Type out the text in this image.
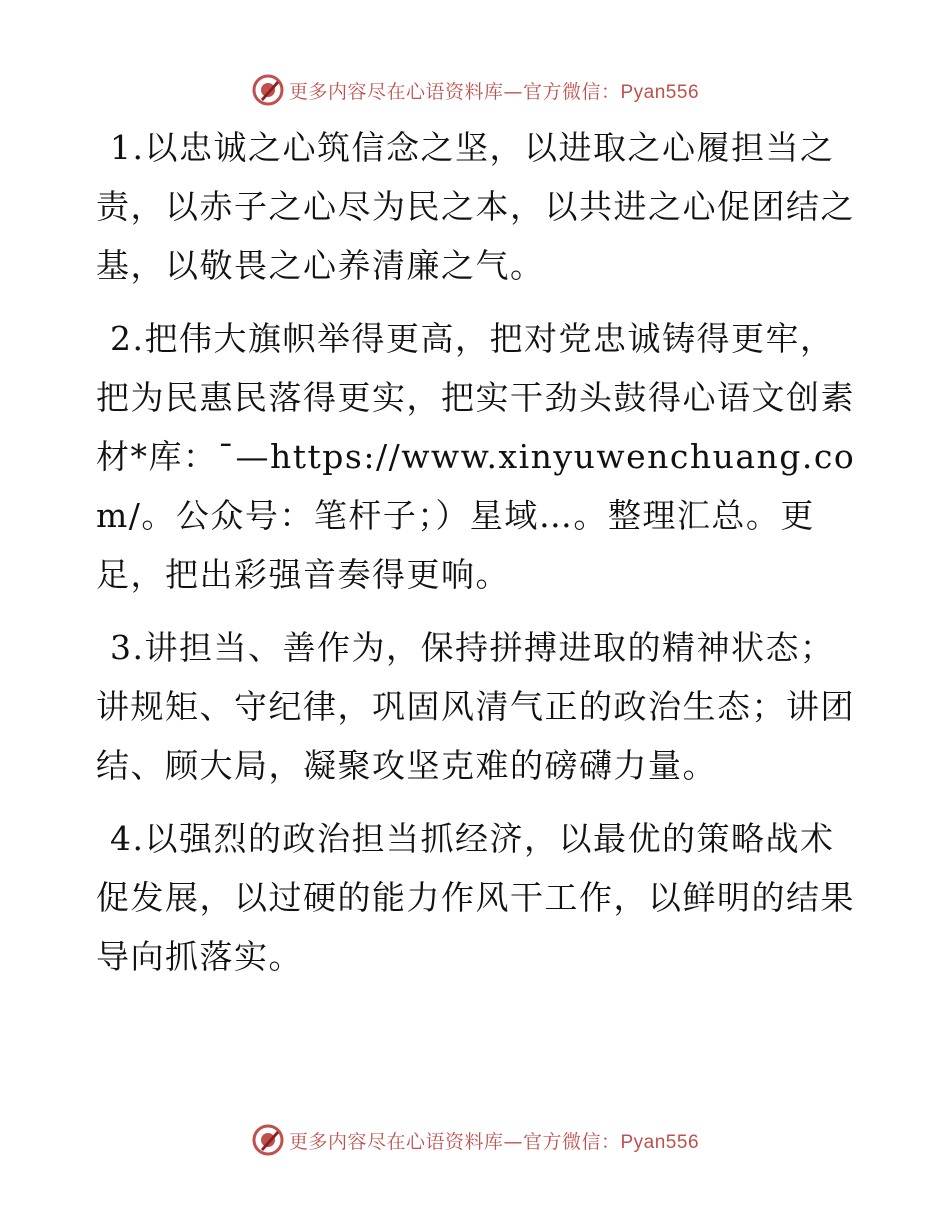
更多内容尽在心语资料库—官方微信：Pyan556

1.以忠诚之心筑信念之坚，以进取之心履担当之责，以赤子之心尽为民之本，以共进之心促团结之基，以敬畏之心养清廉之气。

2.把伟大旗帜举得更高，把对党忠诚铸得更牢，把为民惠民落得更实，把实干劲头鼓得心语文创素材*库：¯—https://www.xinyuwenchuang.com/。公众号：笔杆子；）星域…。整理汇总。更足，把出彩强音奏得更响。

3.讲担当、善作为，保持拼搏进取的精神状态；讲规矩、守纪律，巩固风清气正的政治生态；讲团结、顾大局，凝聚攻坚克难的磅礴力量。

4.以强烈的政治担当抓经济，以最优的策略战术促发展，以过硬的能力作风干工作，以鲜明的结果导向抓落实。

更多内容尽在心语资料库—官方微信：Pyan556
